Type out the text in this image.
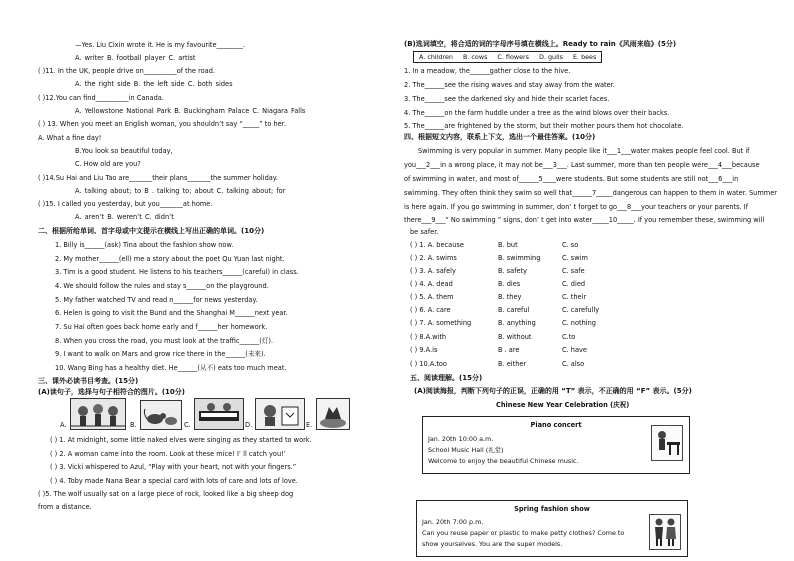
—Yes. Liu Cixin wrote it. He is my favourite________.
A. writer B. football player C. artist
( )11. In the UK, people drive on__________of the road.
A. the right side B. the left side C. both sides
( )12.You can find__________in Canada.
A. Yellowstone National Park B. Buckingham Palace C. Niagara Falls
( ) 13. When you meet an English woman, you shouldn’t say “_____” to her.
A. What a fine day!
B.You look so beautiful today,
C. How old are you?
( )14.Su Hai and Liu Tao are_______their plans_______the summer holiday.
A. talking about; to B . talking to; about C. talking about; for
( )15. I called you yesterday, but you_______at home.
A. aren’t B. weren’t C. didn’t
二、根据所给单词、首字母或中文提示在横线上写出正确的单词。(10分)
1. Billy is______(ask) Tina about the fashion show now.
2. My mother______(ell) me a story about the poet Qu Yuan last night.
3. Tim is a good student. He listens to his teachers______(careful) in class.
4. We should follow the rules and stay s______on the playground.
5. My father watched TV and read n______for news yesterday.
6. Helen is going to visit the Bund and the Shanghai M______next year.
7. Su Hai often goes back home early and f______her homework.
8. When you cross the road, you must look at the traffic______(灯).
9. I want to walk on Mars and grow rice there in the______(未来).
10. Wang Bing has a healthy diet. He______(从不) eats too much meat.
三、课外必读书目考查。(15分)
(A)读句子，选择与句子相符合的图片。(10分)
A.	B.	C.	D.	E.
( ) 1. At midnight, some little naked elves were singing as they started to work.
( ) 2. A woman came into the room. Look at these mice! I’ ll catch you!’
( ) 3. Vicki whispered to Azul, “Play with your heart, not with your fingers.”
( ) 4. Toby made Nana Bear a special card with lots of care and lots of love.
( )5. The wolf usually sat on a large piece of rock, looked like a big sheep dog
from a distance.
(B)选词填空，将合适的词的字母序号填在横线上。Ready to rain《风雨来临》(5分)
A. children	B. cows	C. flowers	D. gulls	E. bees
1. In a meadow, the______gather close to the hive.
2. The______see the rising waves and stay away from the water.
3. The______see the darkened sky and hide their scarlet faces.
4. The______on the farm huddle under a tree as the wind blows over their backs.
5. The______are frightened by the storm, but their mother pours them hot chocolate.
四、根据短文内容，联系上下文，选出一个最佳答案。(10分)
Swimming is very popular in summer. Many people like it___1___water makes people feel cool. But if
you___2___in a wrong place, it may not be___3___. Last summer, more than ten people were___4___because
of swimming in water, and most of______5____were students. But some students are still not___6___in
swimming. They often think they swim so well that______7_____dangerous can happen to them in water. Summer
is here again. If you go swimming in summer, don’ t forget to go___8___your teachers or your parents. If
there___9___“ No swimming ” signs, don’ t get into water_____10_____. If you remember these, swimming will
be safer.
( ) 1. A. because	B. but	C. so
( ) 2. A. swims	B. swimming	C. swim
( ) 3. A. safely	B. safety	C. safe
( ) 4. A. dead	B. dies	C. died
( ) 5. A. them	B. they	C. their
( ) 6. A. care	B. careful	C. carefully
( ) 7. A. something	B. anything	C. nothing
( ) 8.A.with	B. without	C.to
( ) 9.A.is	B . are	C. have
( ) 10.A.too	B. either	C. also
五、阅读理解。(15分)
(A)阅读海报，判断下列句子的正误，正确的用 “T” 表示，不正确的用 “F” 表示。(5分)
Chinese New Year Celebration (庆祝)
Piano concert
Jan. 20th 10:00 a.m.
School Music Hall (礼堂)
Welcome to enjoy the beautiful Chinese music.
Spring fashion show
Jan. 20th 7:00 p.m.
Can you reuse paper or plastic to make petty clothes? Come to
show yourselves. You are the super models.
